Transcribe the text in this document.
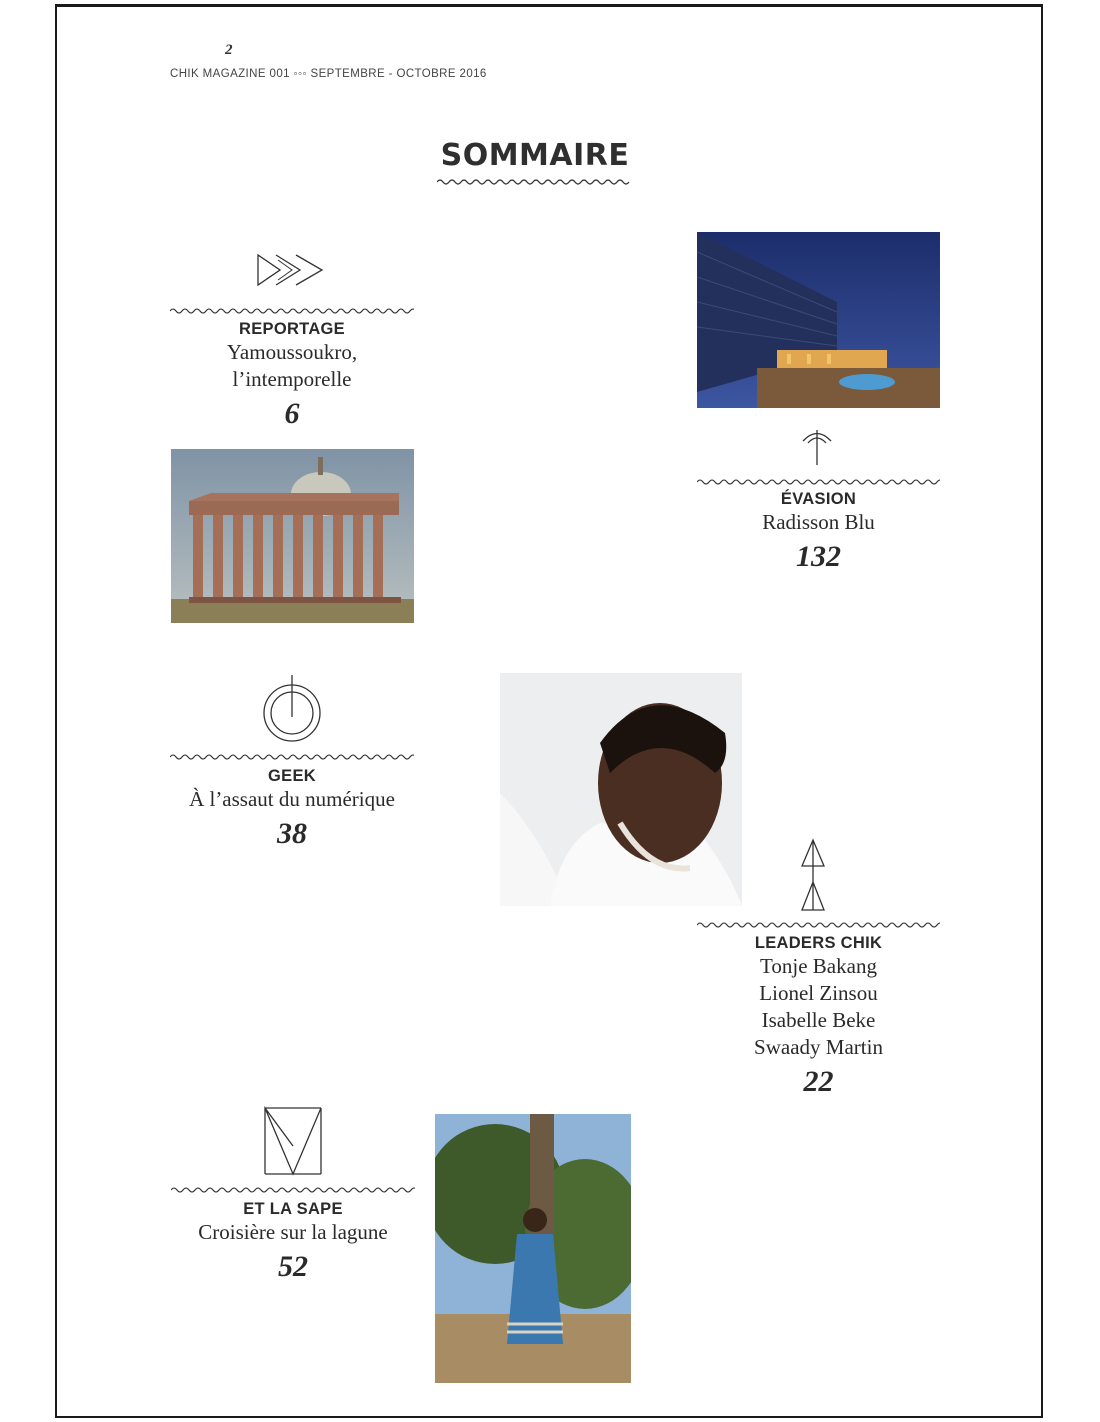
2
CHIK MAGAZINE 001 ◦◦◦ SEPTEMBRE - OCTOBRE 2016
SOMMAIRE
REPORTAGE
Yamoussoukro,
l’intemporelle
6
ÉVASION
Radisson Blu
132
GEEK
À l’assaut du numérique
38
LEADERS CHIK
Tonje Bakang
Lionel Zinsou
Isabelle Beke
Swaady Martin
22
ET LA SAPE
Croisière sur la lagune
52
